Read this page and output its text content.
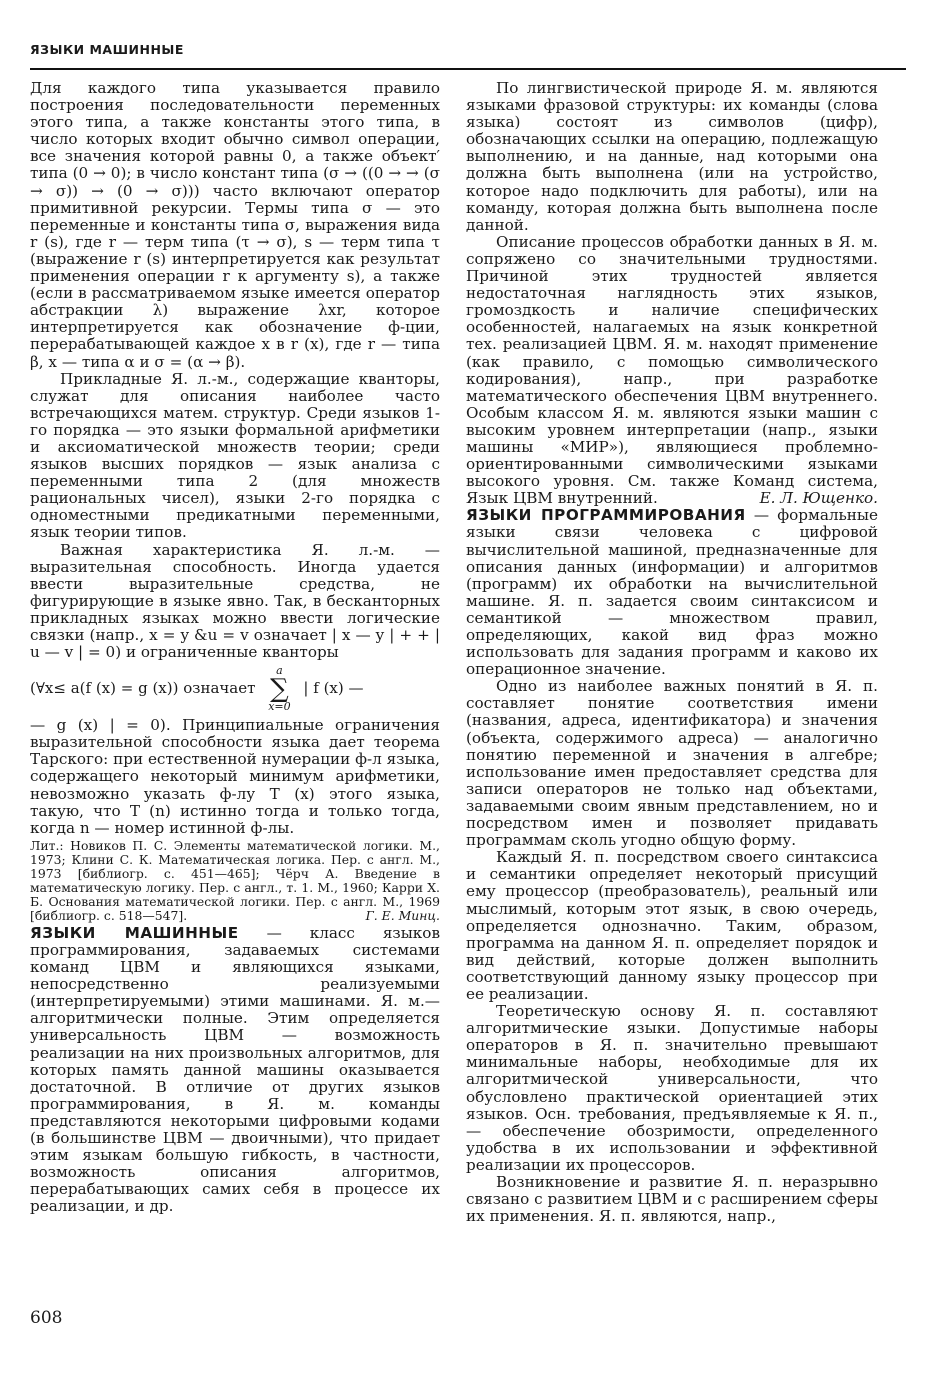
ЯЗЫКИ МАШИННЫЕ

Для каждого типа указывается правило построения последовательности переменных этого типа, а также константы этого типа, в число которых входит обычно символ операции, все значения которой равны 0, а также объект′ типа (0 → 0); в число констант типа (σ → ((0 → → (σ → σ)) → (0 → σ))) часто включают оператор примитивной рекурсии. Термы типа σ — это переменные и константы типа σ, выражения вида r (s), где r — терм типа (τ → σ), s — терм типа τ (выражение r (s) интерпретируется как результат применения операции r к аргументу s), а также (если в рассматриваемом языке имеется оператор абстракции λ) выражение λxr, которое интерпретируется как обозначение ф-ции, перерабатывающей каждое x в r (x), где r — типа β, x — типа α и σ = (α → β).

Прикладные Я. л.-м., содержащие кванторы, служат для описания наиболее часто встречающихся матем. структур. Среди языков 1-го порядка — это языки формальной арифметики и аксиоматической множеств теории; среди языков высших порядков — язык анализа с переменными типа 2 (для множеств рациональных чисел), языки 2-го порядка с одноместными предикатными переменными, язык теории типов.

Важная характеристика Я. л.-м. — выразительная способность. Иногда удается ввести выразительные средства, не фигурирующие в языке явно. Так, в бесканторных прикладных языках можно ввести логические связки (напр., x = y &u = v означает | x — y | + + | u — v | = 0) и ограниченные кванторы

(∀x≤ a(f (x) = g (x)) означает
a
∑
x=0
| f (x) —

— g (x) | = 0). Принципиальные ограничения выразительной способности языка дает теорема Тарского: при естественной нумерации ф-л языка, содержащего некоторый минимум арифметики, невозможно указать ф-лу T (x) этого языка, такую, что T (n) истинно тогда и только тогда, когда n — номер истинной ф-лы.

Лит.: Новиков П. С. Элементы математической логики. М., 1973; Клини С. К. Математическая логика. Пер. с англ. М., 1973 [библиогр. с. 451—465]; Чёрч А. Введение в математическую логику. Пер. с англ., т. 1. М., 1960; Карри Х. Б. Основания математической логики. Пер. с англ. М., 1969 [библиогр. с. 518—547].	Г. Е. Минц.

ЯЗЫКИ МАШИННЫЕ — класс языков программирования, задаваемых системами команд ЦВМ и являющихся языками, непосредственно реализуемыми (интерпретируемыми) этими машинами. Я. м.— алгоритмически полные. Этим определяется универсальность ЦВМ — возможность реализации на них произвольных алгоритмов, для которых память данной машины оказывается достаточной. В отличие от других языков программирования, в Я. м. команды представляются некоторыми цифровыми кодами (в большинстве ЦВМ — двоичными), что придает этим языкам большую гибкость, в частности, возможность описания алгоритмов, перерабатывающих самих себя в процессе их реализации, и др.

По лингвистической природе Я. м. являются языками фразовой структуры: их команды (слова языка) состоят из символов (цифр), обозначающих ссылки на операцию, подлежащую выполнению, и на данные, над которыми она должна быть выполнена (или на устройство, которое надо подключить для работы), или на команду, которая должна быть выполнена после данной.

Описание процессов обработки данных в Я. м. сопряжено со значительными трудностями. Причиной этих трудностей является недостаточная наглядность этих языков, громоздкость и наличие специфических особенностей, налагаемых на язык конкретной тех. реализацией ЦВМ. Я. м. находят применение (как правило, с помощью символического кодирования), напр., при разработке математического обеспечения ЦВМ внутреннего. Особым классом Я. м. являются языки машин с высоким уровнем интерпретации (напр., языки машины «МИР»), являющиеся проблемно-ориентированными символическими языками высокого уровня. См. также Команд система, Язык ЦВМ внутренний.	Е. Л. Ющенко.

ЯЗЫКИ ПРОГРАММИРОВАНИЯ — формальные языки связи человека с цифровой вычислительной машиной, предназначенные для описания данных (информации) и алгоритмов (программ) их обработки на вычислительной машине. Я. п. задается своим синтаксисом и семантикой — множеством правил, определяющих, какой вид фраз можно использовать для задания программ и каково их операционное значение.

Одно из наиболее важных понятий в Я. п. составляет понятие соответствия имени (названия, адреса, идентификатора) и значения (объекта, содержимого адреса) — аналогично понятию переменной и значения в алгебре; использование имен предоставляет средства для записи операторов не только над объектами, задаваемыми своим явным представлением, но и посредством имен и позволяет придавать программам сколь угодно общую форму.

Каждый Я. п. посредством своего синтаксиса и семантики определяет некоторый присущий ему процессор (преобразователь), реальный или мыслимый, которым этот язык, в свою очередь, определяется однозначно. Таким, образом, программа на данном Я. п. определяет порядок и вид действий, которые должен выполнить соответствующий данному языку процессор при ее реализации.

Теоретическую основу Я. п. составляют алгоритмические языки. Допустимые наборы операторов в Я. п. значительно превышают минимальные наборы, необходимые для их алгоритмической универсальности, что обусловлено практической ориентацией этих языков. Осн. требования, предъявляемые к Я. п.,— обеспечение обозримости, определенного удобства в их использовании и эффективной реализации их процессоров.

Возникновение и развитие Я. п. неразрывно связано с развитием ЦВМ и с расширением сферы их применения. Я. п. являются, напр.,

608
